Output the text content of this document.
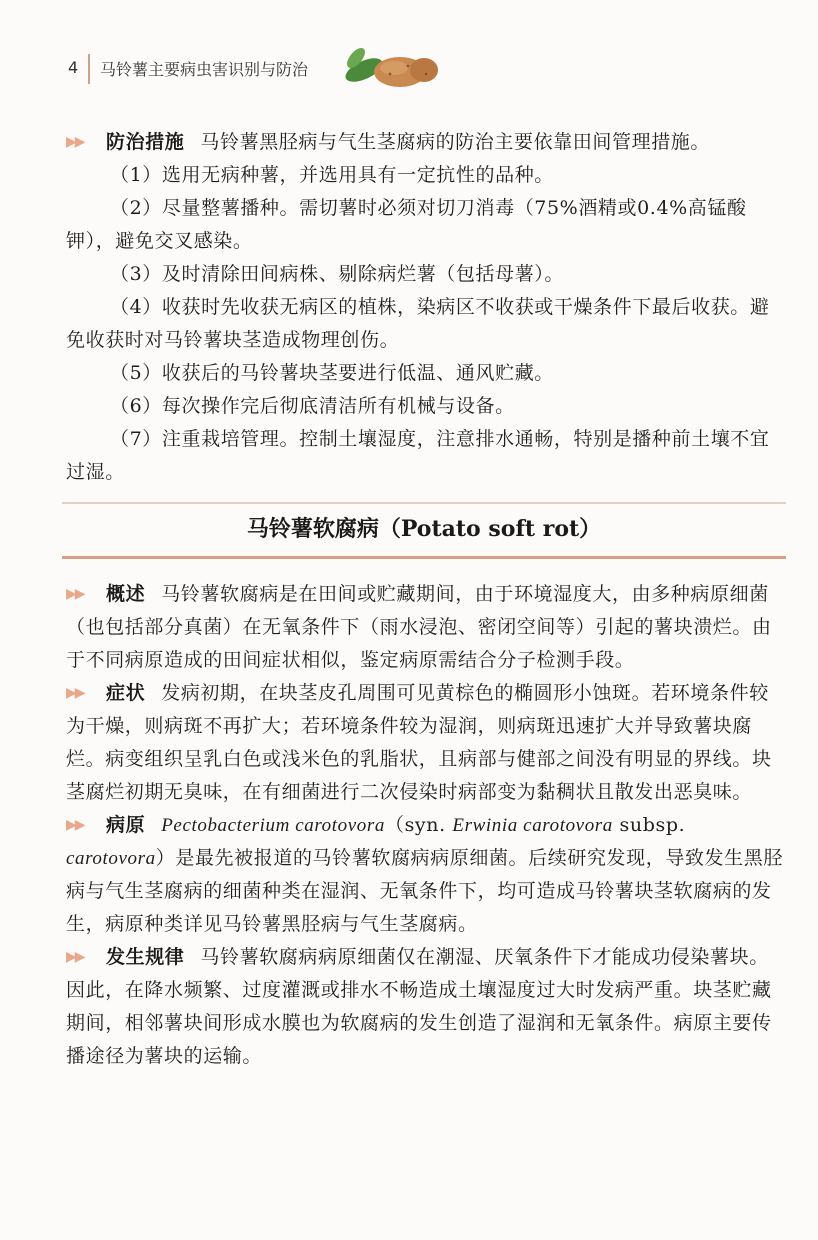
4 马铃薯主要病虫害识别与防治

▶▶ 防治措施 马铃薯黑胫病与气生茎腐病的防治主要依靠田间管理措施。

（1）选用无病种薯，并选用具有一定抗性的品种。

（2）尽量整薯播种。需切薯时必须对切刀消毒（75%酒精或0.4%高锰酸钾），避免交叉感染。

（3）及时清除田间病株、剔除病烂薯（包括母薯）。

（4）收获时先收获无病区的植株，染病区不收获或干燥条件下最后收获。避免收获时对马铃薯块茎造成物理创伤。

（5）收获后的马铃薯块茎要进行低温、通风贮藏。

（6）每次操作完后彻底清洁所有机械与设备。

（7）注重栽培管理。控制土壤湿度，注意排水通畅，特别是播种前土壤不宜过湿。

马铃薯软腐病（Potato soft rot）

▶▶ 概述 马铃薯软腐病是在田间或贮藏期间，由于环境湿度大，由多种病原细菌（也包括部分真菌）在无氧条件下（雨水浸泡、密闭空间等）引起的薯块溃烂。由于不同病原造成的田间症状相似，鉴定病原需结合分子检测手段。

▶▶ 症状 发病初期，在块茎皮孔周围可见黄棕色的椭圆形小蚀斑。若环境条件较为干燥，则病斑不再扩大；若环境条件较为湿润，则病斑迅速扩大并导致薯块腐烂。病变组织呈乳白色或浅米色的乳脂状，且病部与健部之间没有明显的界线。块茎腐烂初期无臭味，在有细菌进行二次侵染时病部变为黏稠状且散发出恶臭味。

▶▶ 病原 Pectobacterium carotovora（syn. Erwinia carotovora subsp. carotovora）是最先被报道的马铃薯软腐病病原细菌。后续研究发现，导致发生黑胫病与气生茎腐病的细菌种类在湿润、无氧条件下，均可造成马铃薯块茎软腐病的发生，病原种类详见马铃薯黑胫病与气生茎腐病。

▶▶ 发生规律 马铃薯软腐病病原细菌仅在潮湿、厌氧条件下才能成功侵染薯块。因此，在降水频繁、过度灌溉或排水不畅造成土壤湿度过大时发病严重。块茎贮藏期间，相邻薯块间形成水膜也为软腐病的发生创造了湿润和无氧条件。病原主要传播途径为薯块的运输。
